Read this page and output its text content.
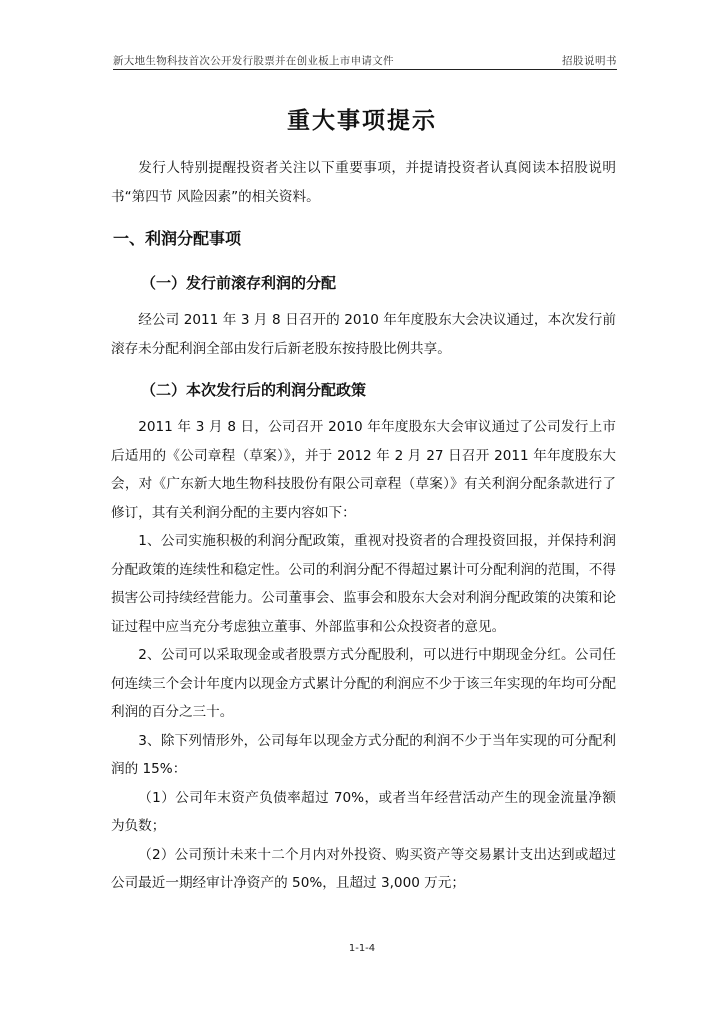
新大地生物科技首次公开发行股票并在创业板上市申请文件	招股说明书
重大事项提示

发行人特别提醒投资者关注以下重要事项，并提请投资者认真阅读本招股说明书“第四节 风险因素”的相关资料。

一、利润分配事项
（一）发行前滚存利润的分配

经公司 2011 年 3 月 8 日召开的 2010 年年度股东大会决议通过，本次发行前滚存未分配利润全部由发行后新老股东按持股比例共享。

（二）本次发行后的利润分配政策

2011 年 3 月 8 日，公司召开 2010 年年度股东大会审议通过了公司发行上市后适用的《公司章程（草案）》，并于 2012 年 2 月 27 日召开 2011 年年度股东大会，对《广东新大地生物科技股份有限公司章程（草案）》有关利润分配条款进行了修订，其有关利润分配的主要内容如下：

1、公司实施积极的利润分配政策，重视对投资者的合理投资回报，并保持利润分配政策的连续性和稳定性。公司的利润分配不得超过累计可分配利润的范围，不得损害公司持续经营能力。公司董事会、监事会和股东大会对利润分配政策的决策和论证过程中应当充分考虑独立董事、外部监事和公众投资者的意见。

2、公司可以采取现金或者股票方式分配股利，可以进行中期现金分红。公司任何连续三个会计年度内以现金方式累计分配的利润应不少于该三年实现的年均可分配利润的百分之三十。

3、除下列情形外，公司每年以现金方式分配的利润不少于当年实现的可分配利润的 15%：

（1）公司年末资产负债率超过 70%，或者当年经营活动产生的现金流量净额为负数；

（2）公司预计未来十二个月内对外投资、购买资产等交易累计支出达到或超过公司最近一期经审计净资产的 50%，且超过 3,000 万元；

1-1-4
